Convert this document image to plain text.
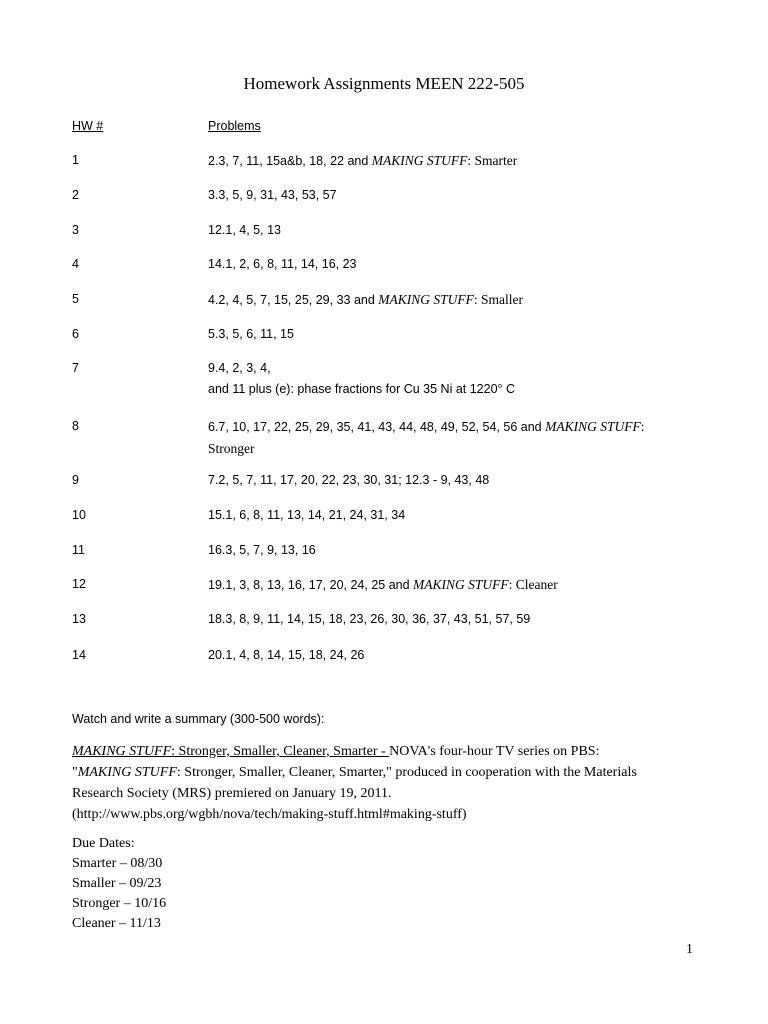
Homework Assignments MEEN 222-505
HW #	Problems
1	2.3, 7, 11, 15a&b, 18, 22 and MAKING STUFF: Smarter
2	3.3, 5, 9, 31, 43, 53, 57
3	12.1, 4, 5, 13
4	14.1, 2, 6, 8, 11, 14, 16, 23
5	4.2, 4, 5, 7, 15, 25, 29, 33 and MAKING STUFF: Smaller
6	5.3, 5, 6, 11, 15
7	9.4, 2, 3, 4,
and 11 plus (e): phase fractions for Cu 35 Ni at 1220° C
8	6.7, 10, 17, 22, 25, 29, 35, 41, 43, 44, 48, 49, 52, 54, 56 and MAKING STUFF:
Stronger
9	7.2, 5, 7, 11, 17, 20, 22, 23, 30, 31; 12.3 - 9, 43, 48
10	15.1, 6, 8, 11, 13, 14, 21, 24, 31, 34
11	16.3, 5, 7, 9, 13, 16
12	19.1, 3, 8, 13, 16, 17, 20, 24, 25 and MAKING STUFF: Cleaner
13	18.3, 8, 9, 11, 14, 15, 18, 23, 26, 30, 36, 37, 43, 51, 57, 59
14	20.1, 4, 8, 14, 15, 18, 24, 26
Watch and write a summary (300-500 words):
MAKING STUFF: Stronger, Smaller, Cleaner, Smarter - NOVA's four-hour TV series on PBS:
"MAKING STUFF: Stronger, Smaller, Cleaner, Smarter," produced in cooperation with the Materials
Research Society (MRS) premiered on January 19, 2011.
(http://www.pbs.org/wgbh/nova/tech/making-stuff.html#making-stuff)
Due Dates:
Smarter – 08/30
Smaller – 09/23
Stronger – 10/16
Cleaner – 11/13
1
